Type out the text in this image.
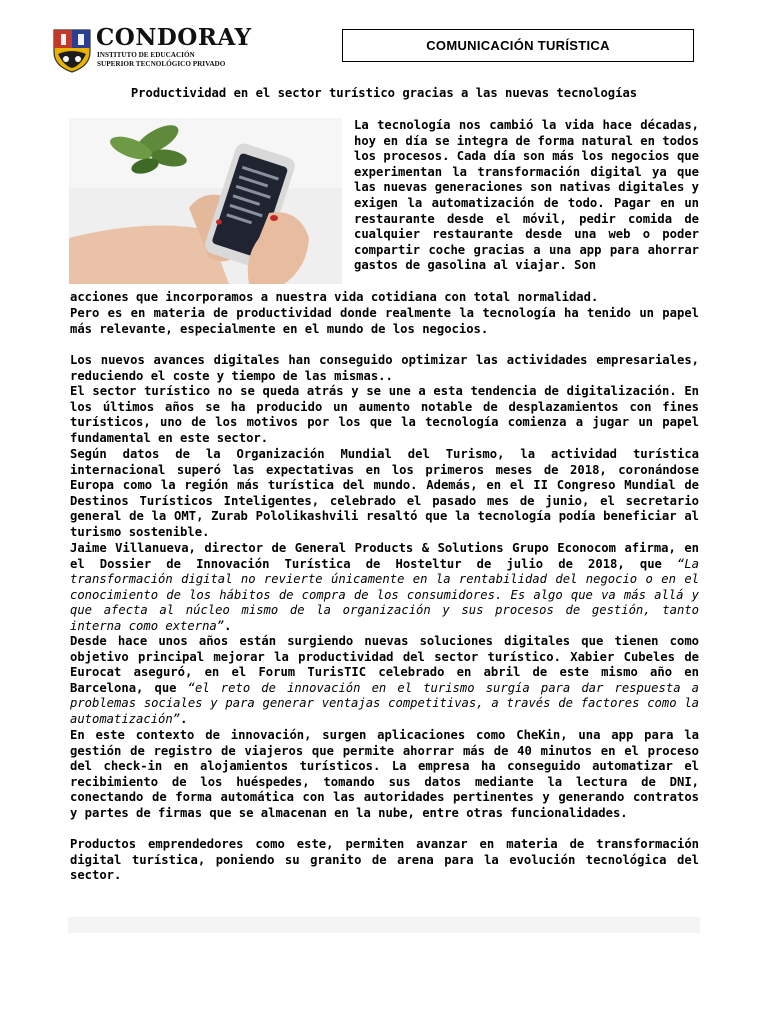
CONDORAY
INSTITUTO DE EDUCACIÓN
SUPERIOR TECNOLÓGICO PRIVADO
COMUNICACIÓN TURÍSTICA
Productividad en el sector turístico gracias a las nuevas tecnologías

La tecnología nos cambió la vida hace décadas, hoy en día se integra de forma natural en todos los procesos. Cada día son más los negocios que experimentan la transformación digital ya que las nuevas generaciones son nativas digitales y exigen la automatización de todo. Pagar en un restaurante desde el móvil, pedir comida de cualquier restaurante desde una web o poder compartir coche gracias a una app para ahorrar gastos de gasolina al viajar. Son

acciones que incorporamos a nuestra vida cotidiana con total normalidad.

Pero es en materia de productividad donde realmente la tecnología ha tenido un papel más relevante, especialmente en el mundo de los negocios.

Los nuevos avances digitales han conseguido optimizar las actividades empresariales, reduciendo el coste y tiempo de las mismas..

El sector turístico no se queda atrás y se une a esta tendencia de digitalización. En los últimos años se ha producido un aumento notable de desplazamientos con fines turísticos, uno de los motivos por los que la tecnología comienza a jugar un papel fundamental en este sector.

Según datos de la Organización Mundial del Turismo, la actividad turística internacional superó las expectativas en los primeros meses de 2018, coronándose Europa como la región más turística del mundo. Además, en el II Congreso Mundial de Destinos Turísticos Inteligentes, celebrado el pasado mes de junio, el secretario general de la OMT, Zurab Pololikashvili resaltó que la tecnología podía beneficiar al turismo sostenible.

Jaime Villanueva, director de General Products & Solutions Grupo Econocom afirma, en el Dossier de Innovación Turística de Hosteltur de julio de 2018, que “La transformación digital no revierte únicamente en la rentabilidad del negocio o en el conocimiento de los hábitos de compra de los consumidores. Es algo que va más allá y que afecta al núcleo mismo de la organización y sus procesos de gestión, tanto interna como externa”.

Desde hace unos años están surgiendo nuevas soluciones digitales que tienen como objetivo principal mejorar la productividad del sector turístico. Xabier Cubeles de Eurocat aseguró, en el Forum TurisTIC celebrado en abril de este mismo año en Barcelona, que “el reto de innovación en el turismo surgía para dar respuesta a problemas sociales y para generar ventajas competitivas, a través de factores como la automatización”.

En este contexto de innovación, surgen aplicaciones como CheKin, una app para la gestión de registro de viajeros que permite ahorrar más de 40 minutos en el proceso del check-in en alojamientos turísticos. La empresa ha conseguido automatizar el recibimiento de los huéspedes, tomando sus datos mediante la lectura de DNI, conectando de forma automática con las autoridades pertinentes y generando contratos y partes de firmas que se almacenan en la nube, entre otras funcionalidades.

Productos emprendedores como este, permiten avanzar en materia de transformación digital turística, poniendo su granito de arena para la evolución tecnológica del sector.
